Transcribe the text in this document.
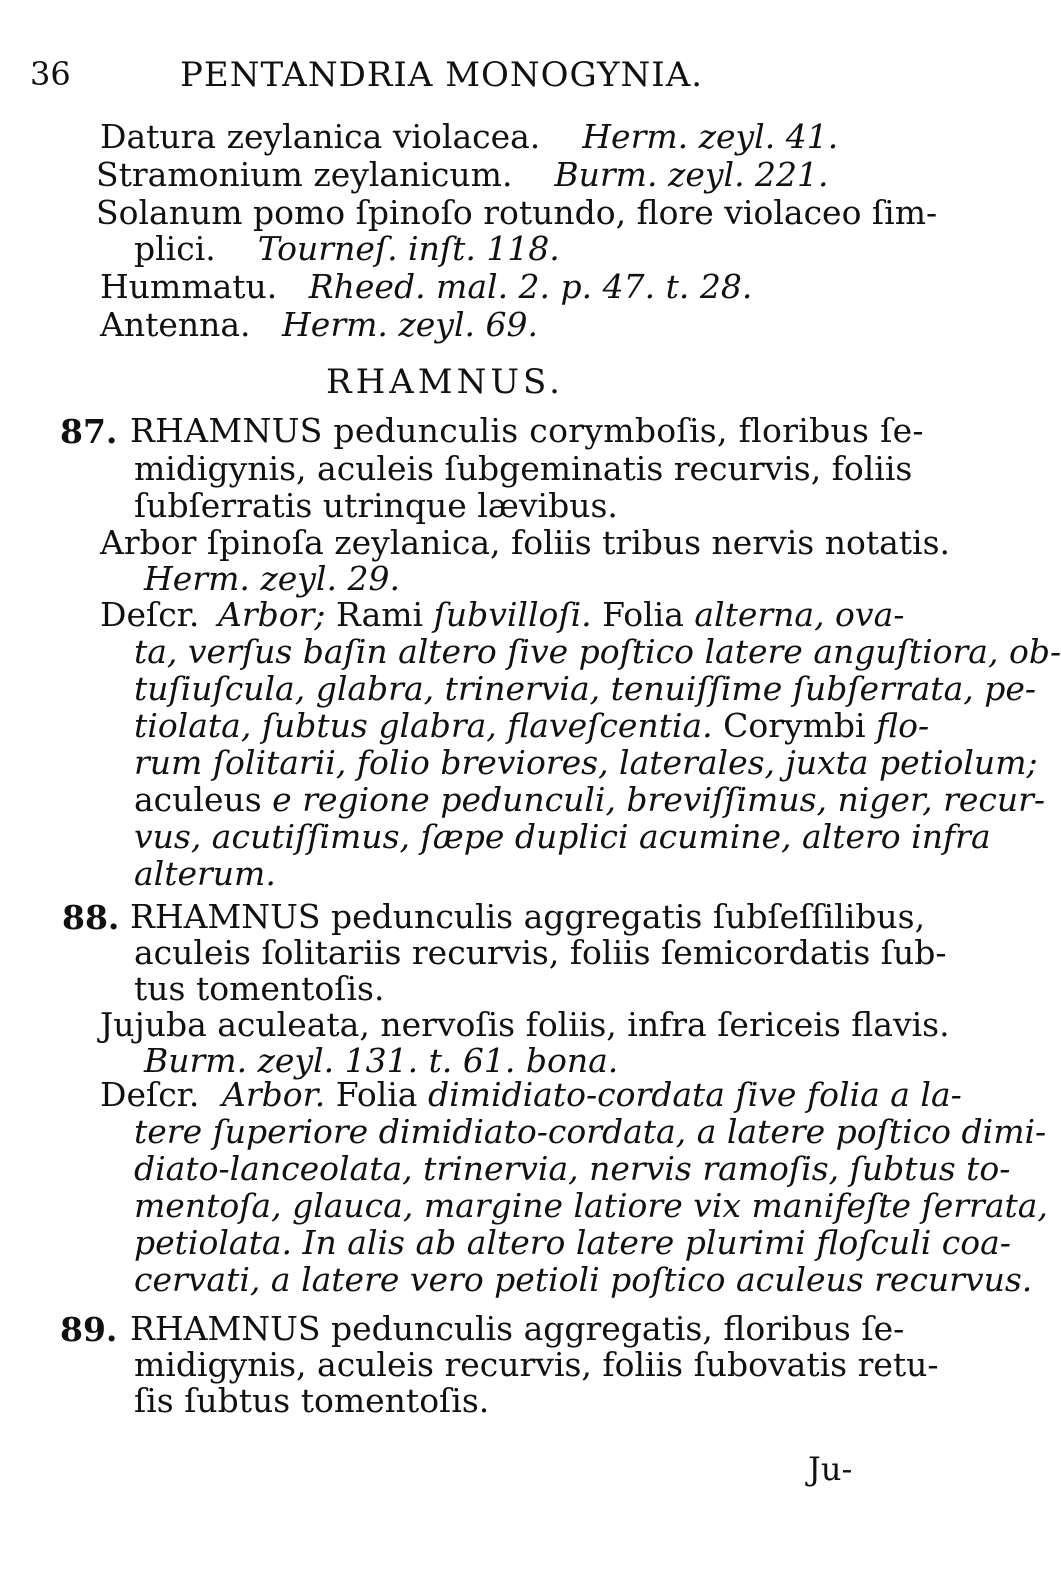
36	PENTANDRIA MONOGYNIA.
Datura zeylanica violacea. Herm. zeyl. 41.
Stramonium zeylanicum. Burm. zeyl. 221.
Solanum pomo ſpinoſo rotundo, flore violaceo ſim-
plici. Tourneſ. inſt. 118.
Hummatu. Rheed. mal. 2. p. 47. t. 28.
Antenna. Herm. zeyl. 69.
RHAMNUS.
87. RHAMNUS pedunculis corymboſis, floribus ſe-
midigynis, aculeis ſubgeminatis recurvis, foliis
ſubſerratis utrinque lævibus.
Arbor ſpinoſa zeylanica, foliis tribus nervis notatis.
Herm. zeyl. 29.
Deſcr. Arbor; Rami ſubvilloſi. Folia alterna, ova-
ta, verſus baſin altero ſive poſtico latere anguſtiora, ob-
tuſiuſcula, glabra, trinervia, tenuiſſime ſubſerrata, pe-
tiolata, ſubtus glabra, flaveſcentia. Corymbi flo-
rum ſolitarii, folio breviores, laterales, juxta petiolum;
aculeus e regione pedunculi, breviſſimus, niger, recur-
vus, acutiſſimus, ſæpe duplici acumine, altero infra
alterum.
88. RHAMNUS pedunculis aggregatis ſubſeſſilibus,
aculeis ſolitariis recurvis, foliis ſemicordatis ſub-
tus tomentoſis.
Jujuba aculeata, nervoſis foliis, infra ſericeis flavis.
Burm. zeyl. 131. t. 61. bona.
Deſcr. Arbor. Folia dimidiato-cordata ſive folia a la-
tere ſuperiore dimidiato-cordata, a latere poſtico dimi-
diato-lanceolata, trinervia, nervis ramoſis, ſubtus to-
mentoſa, glauca, margine latiore vix manifeſte ſerrata,
petiolata. In alis ab altero latere plurimi floſculi coa-
cervati, a latere vero petioli poſtico aculeus recurvus.
89. RHAMNUS pedunculis aggregatis, floribus ſe-
midigynis, aculeis recurvis, foliis ſubovatis retu-
ſis ſubtus tomentoſis.
Ju-
